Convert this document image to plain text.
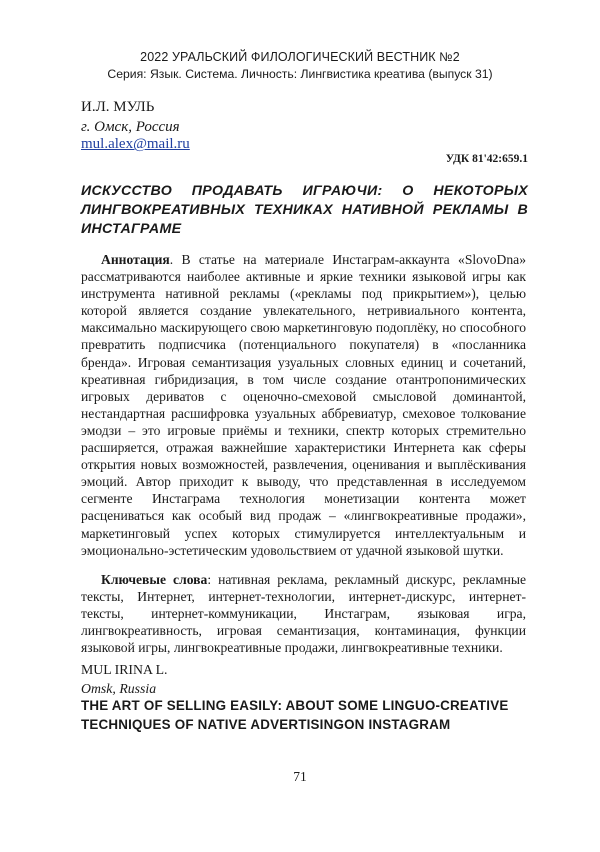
2022 УРАЛЬСКИЙ ФИЛОЛОГИЧЕСКИЙ ВЕСТНИК №2
Серия: Язык. Система. Личность: Лингвистика креатива (выпуск 31)
И.Л. МУЛЬ
г. Омск, Россия
mul.alex@mail.ru
УДК 81'42:659.1
ИСКУССТВО ПРОДАВАТЬ ИГРАЮЧИ: О НЕКОТОРЫХ ЛИНГВОКРЕАТИВНЫХ ТЕХНИКАХ НАТИВНОЙ РЕКЛАМЫ В ИНСТАГРАМЕ

Аннотация. В статье на материале Инстаграм-аккаунта «SlovoDna» рассматриваются наиболее активные и яркие техники языковой игры как инструмента нативной рекламы («рекламы под прикрытием»), целью которой является создание увлекательного, нетривиального контента, максимально маскирующего свою маркетинговую подоплёку, но способного превратить подписчика (потенциального покупателя) в «посланника бренда». Игровая семантизация узуальных словных единиц и сочетаний, креативная гибридизация, в том числе создание отантропонимических игровых дериватов с оценочно-смеховой смысловой доминантой, нестандартная расшифровка узуальных аббревиатур, смеховое толкование эмодзи – это игровые приёмы и техники, спектр которых стремительно расширяется, отражая важнейшие характеристики Интернета как сферы открытия новых возможностей, развлечения, оценивания и выплёскивания эмоций. Автор приходит к выводу, что представленная в исследуемом сегменте Инстаграма технология монетизации контента может расцениваться как особый вид продаж – «лингвокреативные продажи», маркетинговый успех которых стимулируется интеллектуальным и эмоционально-эстетическим удовольствием от удачной языковой шутки.

Ключевые слова: нативная реклама, рекламный дискурс, рекламные тексты, Интернет, интернет-технологии, интернет-дискурс, интернет-тексты, интернет-коммуникации, Инстаграм, языковая игра, лингвокреативность, игровая семантизация, контаминация, функции языковой игры, лингвокреативные продажи, лингвокреативные техники.

MUL IRINA L.
Omsk, Russia
THE ART OF SELLING EASILY: ABOUT SOME LINGUO-CREATIVE TECHNIQUES OF NATIVE ADVERTISINGON INSTAGRAM
71
